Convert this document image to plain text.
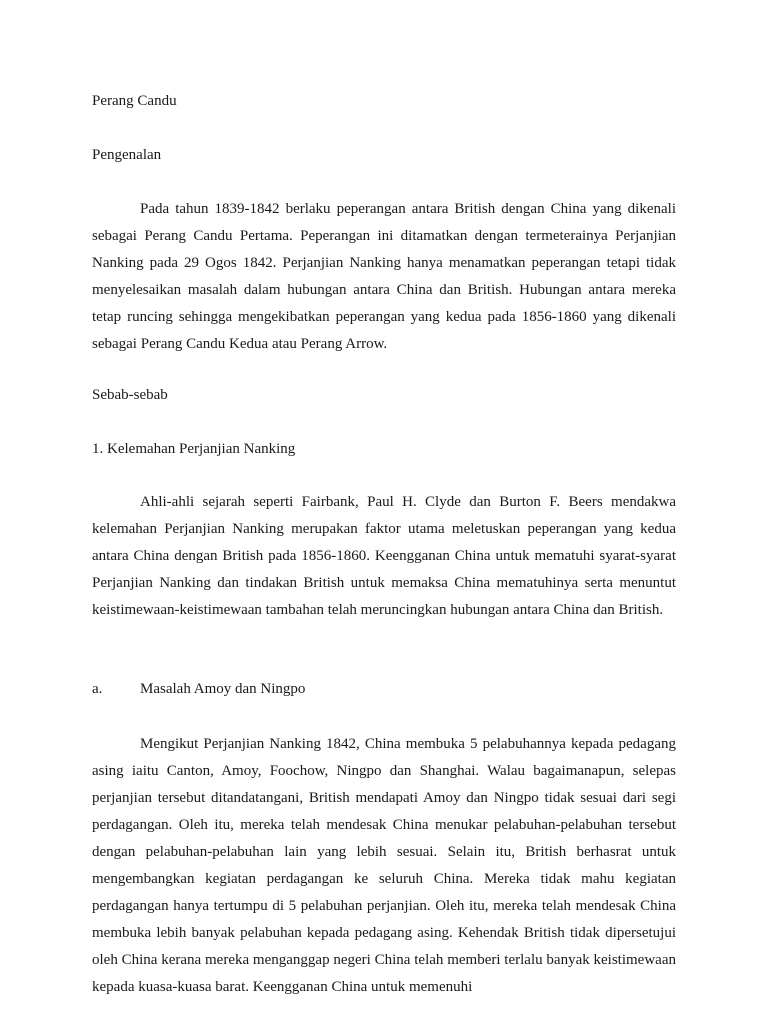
Perang Candu
Pengenalan

Pada tahun 1839-1842 berlaku peperangan antara British dengan China yang dikenali sebagai Perang Candu Pertama. Peperangan ini ditamatkan dengan termeterainya Perjanjian Nanking pada 29 Ogos 1842. Perjanjian Nanking hanya menamatkan peperangan tetapi tidak menyelesaikan masalah dalam hubungan antara China dan British. Hubungan antara mereka tetap runcing sehingga mengekibatkan peperangan yang kedua pada 1856-1860 yang dikenali sebagai Perang Candu Kedua atau Perang Arrow.

Sebab-sebab
1. Kelemahan Perjanjian Nanking

Ahli-ahli sejarah seperti Fairbank, Paul H. Clyde dan Burton F. Beers mendakwa kelemahan Perjanjian Nanking merupakan faktor utama meletuskan peperangan yang kedua antara China dengan British pada 1856-1860. Keengganan China untuk mematuhi syarat-syarat Perjanjian Nanking dan tindakan British untuk memaksa China mematuhinya serta menuntut keistimewaan-keistimewaan tambahan telah meruncingkan hubungan antara China dan British.

a.	Masalah Amoy dan Ningpo

Mengikut Perjanjian Nanking 1842, China membuka 5 pelabuhannya kepada pedagang asing iaitu Canton, Amoy, Foochow, Ningpo dan Shanghai. Walau bagaimanapun, selepas perjanjian tersebut ditandatangani, British mendapati Amoy dan Ningpo tidak sesuai dari segi perdagangan. Oleh itu, mereka telah mendesak China menukar pelabuhan-pelabuhan tersebut dengan pelabuhan-pelabuhan lain yang lebih sesuai. Selain itu, British berhasrat untuk mengembangkan kegiatan perdagangan ke seluruh China. Mereka tidak mahu kegiatan perdagangan hanya tertumpu di 5 pelabuhan perjanjian. Oleh itu, mereka telah mendesak China membuka lebih banyak pelabuhan kepada pedagang asing. Kehendak British tidak dipersetujui oleh China kerana mereka menganggap negeri China telah memberi terlalu banyak keistimewaan kepada kuasa-kuasa barat. Keengganan China untuk memenuhi
